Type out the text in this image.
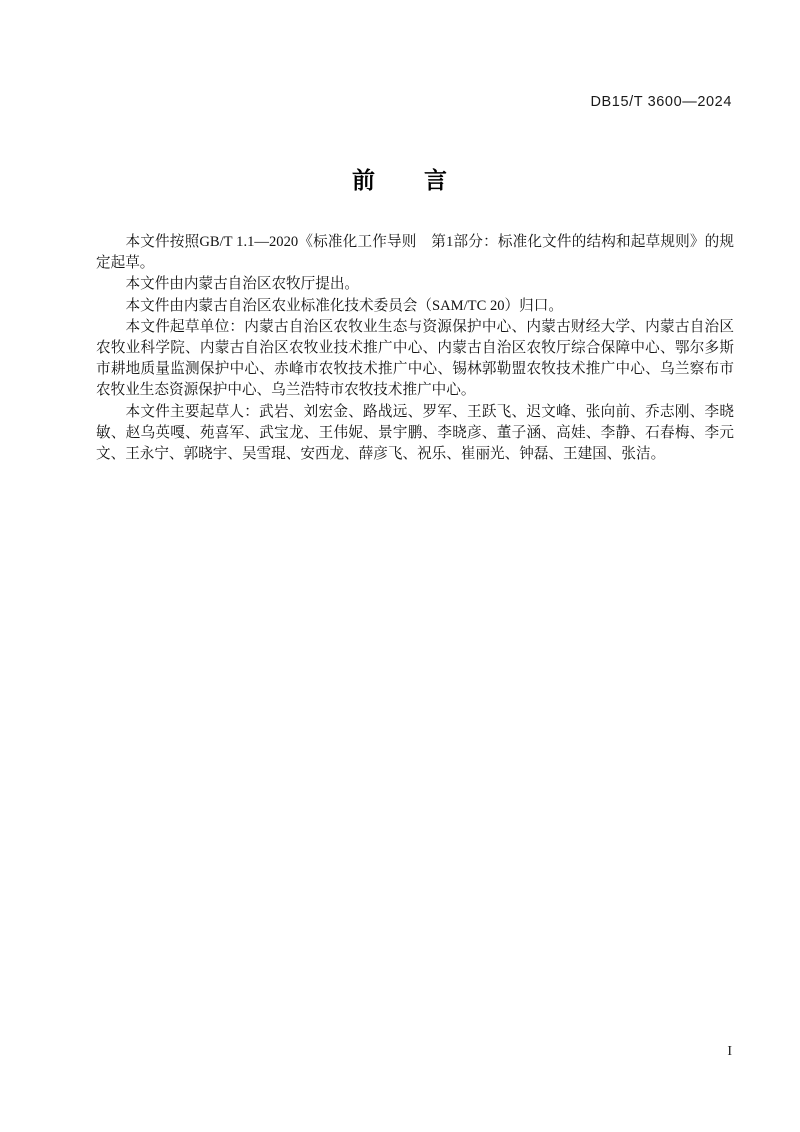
DB15/T 3600—2024
前　　言

本文件按照GB/T 1.1—2020《标准化工作导则　第1部分：标准化文件的结构和起草规则》的规定起草。

本文件由内蒙古自治区农牧厅提出。

本文件由内蒙古自治区农业标准化技术委员会（SAM/TC 20）归口。

本文件起草单位：内蒙古自治区农牧业生态与资源保护中心、内蒙古财经大学、内蒙古自治区农牧业科学院、内蒙古自治区农牧业技术推广中心、内蒙古自治区农牧厅综合保障中心、鄂尔多斯市耕地质量监测保护中心、赤峰市农牧技术推广中心、锡林郭勒盟农牧技术推广中心、乌兰察布市农牧业生态资源保护中心、乌兰浩特市农牧技术推广中心。

本文件主要起草人：武岩、刘宏金、路战远、罗军、王跃飞、迟文峰、张向前、乔志刚、李晓敏、赵乌英嘎、苑喜军、武宝龙、王伟妮、景宇鹏、李晓彦、董子涵、高娃、李静、石春梅、李元文、王永宁、郭晓宇、吴雪琨、安西龙、薛彦飞、祝乐、崔丽光、钟磊、王建国、张洁。

I
